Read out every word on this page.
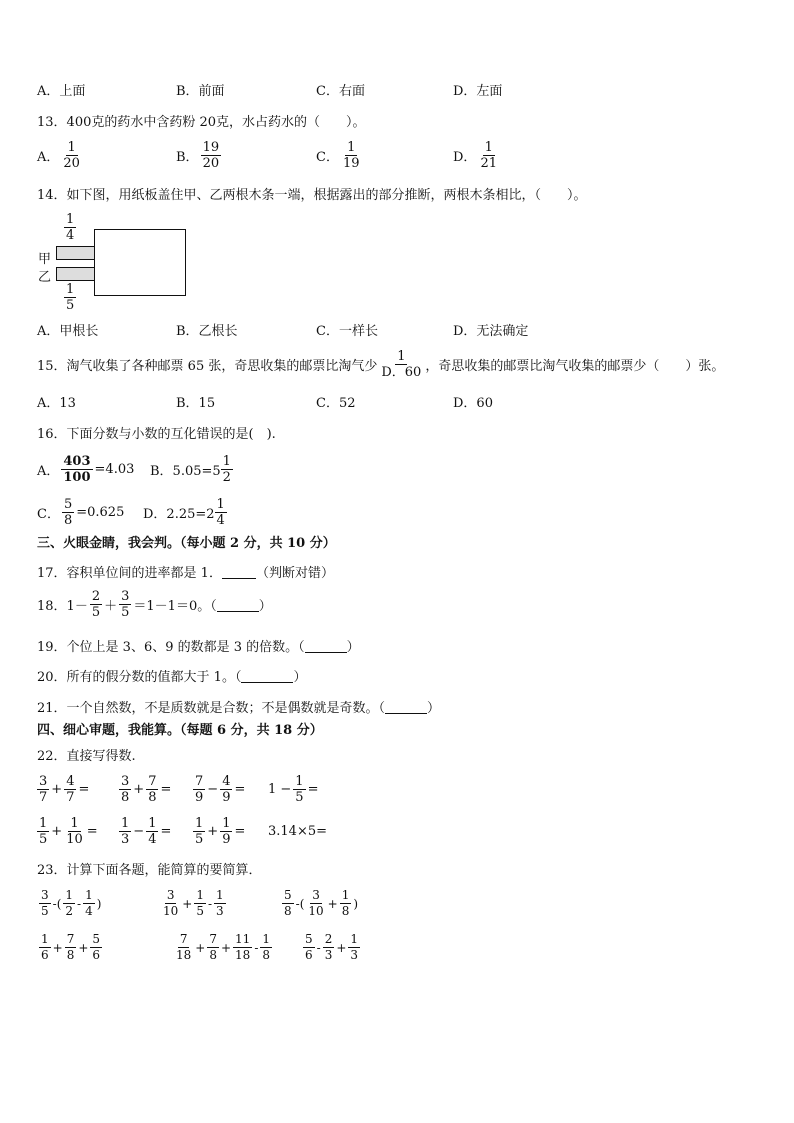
A．上面	B．前面	C．右面	D．左面
13．400克的药水中含药粉 20克，水占药水的（　　）。
A． $\frac{1}{20}$	B． $\frac{19}{20}$	C． $\frac{1}{19}$	D． $\frac{1}{21}$
14．如下图，用纸板盖住甲、乙两根木条一端，根据露出的部分推断，两根木条相比，（　　）。
$\frac{1}{4}$
甲
乙
$\frac{1}{5}$
A．甲根长	B．乙根长	C．一样长	D．无法确定
15．淘气收集了各种邮票 65 张，奇思收集的邮票比淘气少 $\frac{1}{D.60}$ ，奇思收集的邮票比淘气收集的邮票少（　　）张。
A．13	B．15	C．52	D．60
16．下面分数与小数的互化错误的是(　).
A． $\frac{403}{100} =4.03$ B．$5.05=5 \frac{1}{2}$
C． $\frac{5}{8} =0.625$ D．$2.25=2 \frac{1}{4}$
三、火眼金睛，我会判。（每小题 2 分，共 10 分）
17．容积单位间的进率都是 1．	（判断对错）
18．$1- \frac{2}{5} + \frac{3}{5} =1-1=0$。（	）
19．个位上是 3、6、9 的数都是 3 的倍数。（	）
20．所有的假分数的值都大于 1。（	）
21．一个自然数，不是质数就是合数；不是偶数就是奇数。（	）
四、细心审题，我能算。（每题 6 分，共 18 分）
22．直接写得数.
$\frac{3}{7} + \frac{4}{7} = \frac{3}{8} + \frac{7}{8} = \frac{7}{9} - \frac{4}{9} = 1 - \frac{1}{5}$ =
$\frac{1}{5} + \frac{1}{10} = \frac{1}{3} - \frac{1}{4} = \frac{1}{5} + \frac{1}{9} = 3.14\times 5=$
23．计算下面各题，能简算的要简算．
$\frac{3}{5}$ -( $\frac{1}{2} - \frac{1}{4}$ )	$\frac{3}{10} + \frac{1}{5} - \frac{1}{3}$	$\frac{5}{8}$ -( $\frac{3}{10} + \frac{1}{8}$ )
$\frac{1}{6} + \frac{7}{8} + \frac{5}{6}$	$\frac{7}{18} + \frac{7}{8} + \frac{11}{18} - \frac{1}{8}$	$\frac{5}{6} - \frac{2}{3} + \frac{1}{3}$
